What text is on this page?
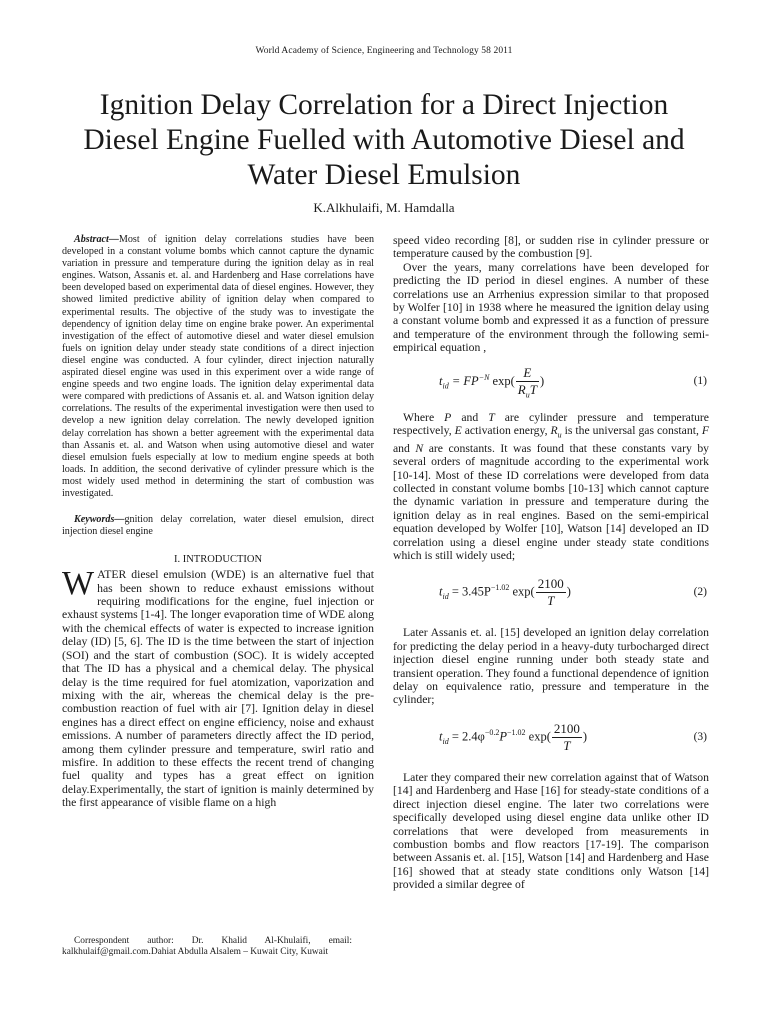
World Academy of Science, Engineering and Technology 58 2011
Ignition Delay Correlation for a Direct Injection
Diesel Engine Fuelled with Automotive Diesel and
Water Diesel Emulsion
K.Alkhulaifi, M. Hamdalla

Abstract—Most of ignition delay correlations studies have been developed in a constant volume bombs which cannot capture the dynamic variation in pressure and temperature during the ignition delay as in real engines. Watson, Assanis et. al. and Hardenberg and Hase correlations have been developed based on experimental data of diesel engines. However, they showed limited predictive ability of ignition delay when compared to experimental results. The objective of the study was to investigate the dependency of ignition delay time on engine brake power. An experimental investigation of the effect of automotive diesel and water diesel emulsion fuels on ignition delay under steady state conditions of a direct injection diesel engine was conducted. A four cylinder, direct injection naturally aspirated diesel engine was used in this experiment over a wide range of engine speeds and two engine loads. The ignition delay experimental data were compared with predictions of Assanis et. al. and Watson ignition delay correlations. The results of the experimental investigation were then used to develop a new ignition delay correlation. The newly developed ignition delay correlation has shown a better agreement with the experimental data than Assanis et. al. and Watson when using automotive diesel and water diesel emulsion fuels especially at low to medium engine speeds at both loads. In addition, the second derivative of cylinder pressure which is the most widely used method in determining the start of combustion was investigated.

Keywords—gnition delay correlation, water diesel emulsion, direct injection diesel engine

I. INTRODUCTION

WATER diesel emulsion (WDE) is an alternative fuel that has been shown to reduce exhaust emissions without requiring modifications for the engine, fuel injection or exhaust systems [1-4]. The longer evaporation time of WDE along with the chemical effects of water is expected to increase ignition delay (ID) [5, 6]. The ID is the time between the start of injection (SOI) and the start of combustion (SOC). It is widely accepted that The ID has a physical and a chemical delay. The physical delay is the time required for fuel atomization, vaporization and mixing with the air, whereas the chemical delay is the pre-combustion reaction of fuel with air [7]. Ignition delay in diesel engines has a direct effect on engine efficiency, noise and exhaust emissions. A number of parameters directly affect the ID period, among them cylinder pressure and temperature, swirl ratio and misfire. In addition to these effects the recent trend of changing fuel quality and types has a great effect on ignition delay.Experimentally, the start of ignition is mainly determined by the first appearance of visible flame on a high

Correspondent author: Dr. Khalid Al-Khulaifi, email: kalkhulaif@gmail.com.Dahiat Abdulla Alsalem – Kuwait City, Kuwait

speed video recording [8], or sudden rise in cylinder pressure or temperature caused by the combustion [9].

Over the years, many correlations have been developed for predicting the ID period in diesel engines. A number of these correlations use an Arrhenius expression similar to that proposed by Wolfer [10] in 1938 where he measured the ignition delay using a constant volume bomb and expressed it as a function of pressure and temperature of the environment through the following semi-empirical equation ,

$t_{id} = FP^{-N}$ $\exp( \frac{E}{R_uT}$ )	(1)

Where P and T are cylinder pressure and temperature respectively, E activation energy, $R_u$ is the universal gas constant, F and N are constants. It was found that these constants vary by several orders of magnitude according to the experimental work [10-14]. Most of these ID correlations were developed from data collected in constant volume bombs [10-13] which cannot capture the dynamic variation in pressure and temperature during the ignition delay as in real engines. Based on the semi-empirical equation developed by Wolfer [10], Watson [14] developed an ID correlation using a diesel engine under steady state conditions which is still widely used;

$t_{id} = 3.45P^{-1.02}$ $\exp( \frac{2100}{T}$ )	(2)

Later Assanis et. al. [15] developed an ignition delay correlation for predicting the delay period in a heavy-duty turbocharged direct injection diesel engine running under both steady state and transient operation. They found a functional dependence of ignition delay on equivalence ratio, pressure and temperature in the cylinder;

$t_{id} = 2.4\varphi^{-0.2}P^{-1.02}$ $\exp( \frac{2100}{T}$ )	(3)

Later they compared their new correlation against that of Watson [14] and Hardenberg and Hase [16] for steady-state conditions of a direct injection diesel engine. The later two correlations were specifically developed using diesel engine data unlike other ID correlations that were developed from measurements in combustion bombs and flow reactors [17-19]. The comparison between Assanis et. al. [15], Watson [14] and Hardenberg and Hase [16] showed that at steady state conditions only Watson [14] provided a similar degree of
